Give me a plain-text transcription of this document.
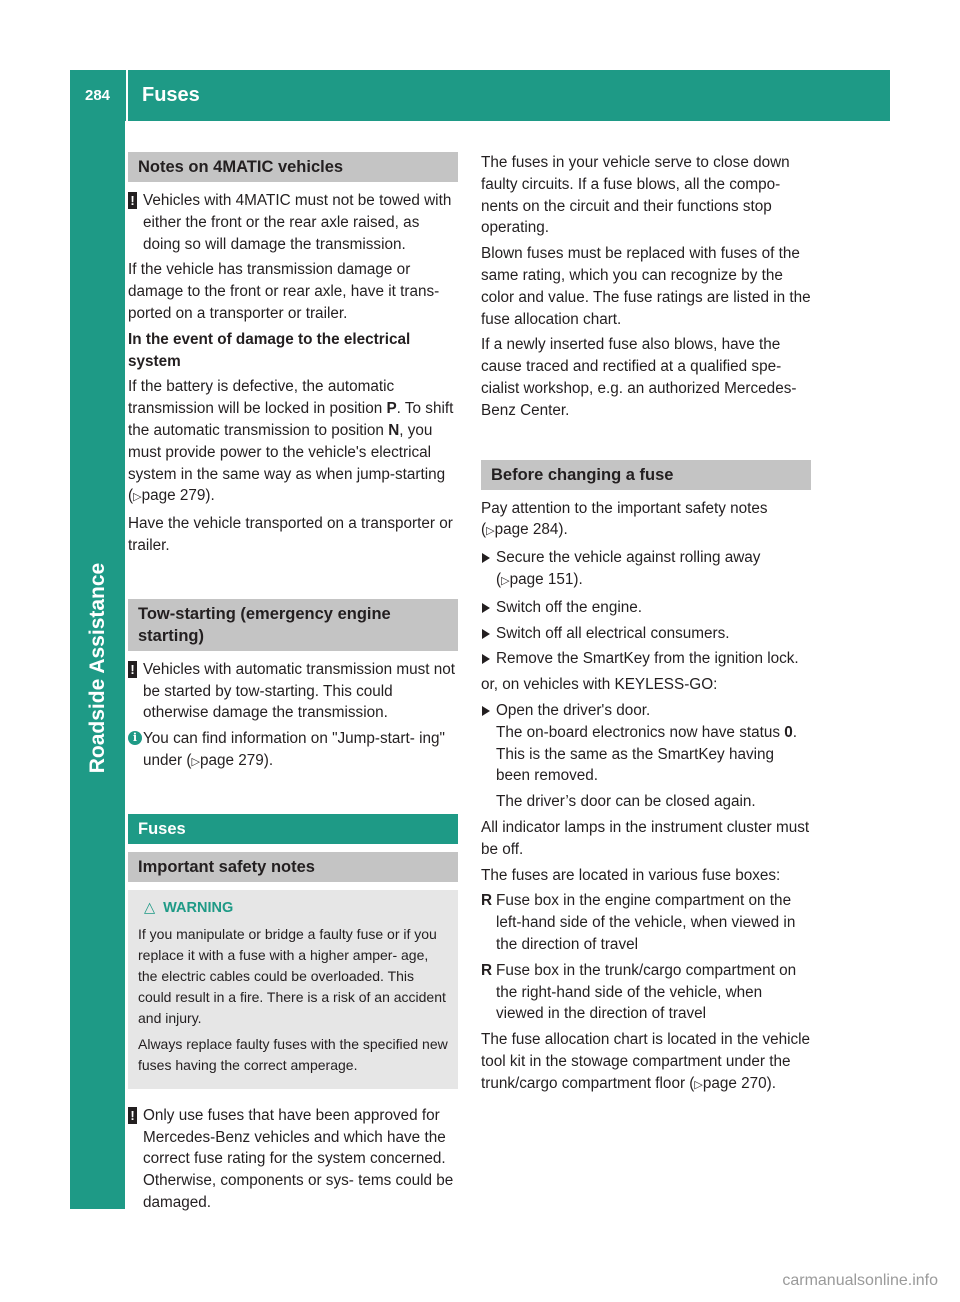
284	Fuses
Roadside Assistance
Notes on 4MATIC vehicles
! Vehicles with 4MATIC must not be towed with either the front or the rear axle raised, as doing so will damage the transmission.

If the vehicle has transmission damage or damage to the front or rear axle, have it trans- ported on a transporter or trailer.

In the event of damage to the electrical system

If the battery is defective, the automatic transmission will be locked in position P. To shift the automatic transmission to position N, you must provide power to the vehicle's electrical system in the same way as when jump-starting (▷page 279).

Have the vehicle transported on a transporter or trailer.

Tow-starting (emergency engine starting)
! Vehicles with automatic transmission must not be started by tow-starting. This could otherwise damage the transmission.
i You can find information on "Jump-start- ing" under (▷page 279).
Fuses
Important safety notes
△ WARNING

If you manipulate or bridge a faulty fuse or if you replace it with a fuse with a higher amper- age, the electric cables could be overloaded. This could result in a fire. There is a risk of an accident and injury.

Always replace faulty fuses with the specified new fuses having the correct amperage.

! Only use fuses that have been approved for Mercedes-Benz vehicles and which have the correct fuse rating for the system concerned. Otherwise, components or sys- tems could be damaged.

The fuses in your vehicle serve to close down faulty circuits. If a fuse blows, all the compo- nents on the circuit and their functions stop operating.

Blown fuses must be replaced with fuses of the same rating, which you can recognize by the color and value. The fuse ratings are listed in the fuse allocation chart.

If a newly inserted fuse also blows, have the cause traced and rectified at a qualified spe- cialist workshop, e.g. an authorized Mercedes-Benz Center.

Before changing a fuse

Pay attention to the important safety notes (▷page 284).

Secure the vehicle against rolling away (▷page 151).
Switch off the engine.
Switch off all electrical consumers.
Remove the SmartKey from the ignition lock.

or, on vehicles with KEYLESS-GO:

Open the driver's door.

The on-board electronics now have status 0. This is the same as the SmartKey having been removed.

The driver’s door can be closed again.

All indicator lamps in the instrument cluster must be off.

The fuses are located in various fuse boxes:

R Fuse box in the engine compartment on the left-hand side of the vehicle, when viewed in the direction of travel
R Fuse box in the trunk/cargo compartment on the right-hand side of the vehicle, when viewed in the direction of travel

The fuse allocation chart is located in the vehicle tool kit in the stowage compartment under the trunk/cargo compartment floor (▷page 270).

carmanualsonline.info
